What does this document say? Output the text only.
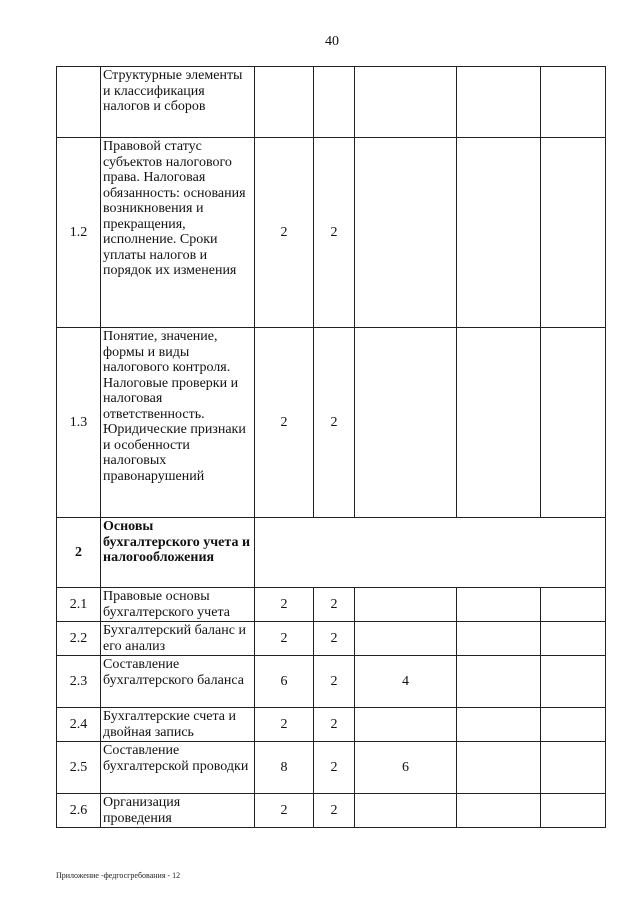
40
	Структурные элементы и классификация налогов и сборов					
1.2	Правовой статус субъектов налогового права. Налоговая обязанность: основания возникновения и прекращения, исполнение. Сроки уплаты налогов и порядок их изменения	2	2			
1.3	Понятие, значение, формы и виды налогового контроля. Налоговые проверки и налоговая ответственность. Юридические признаки и особенности налоговых правонарушений	2	2			
2	Основы бухгалтерского учета и налогообложения					
2.1	Правовые основы бухгалтерского учета	2	2			
2.2	Бухгалтерский баланс и его анализ	2	2			
2.3	Составление бухгалтерского баланса	6	2	4		
2.4	Бухгалтерские счета и двойная запись	2	2			
2.5	Составление бухгалтерской проводки	8	2	6		
2.6	Организация проведения	2	2			
Приложение -федгосгребования - 12
